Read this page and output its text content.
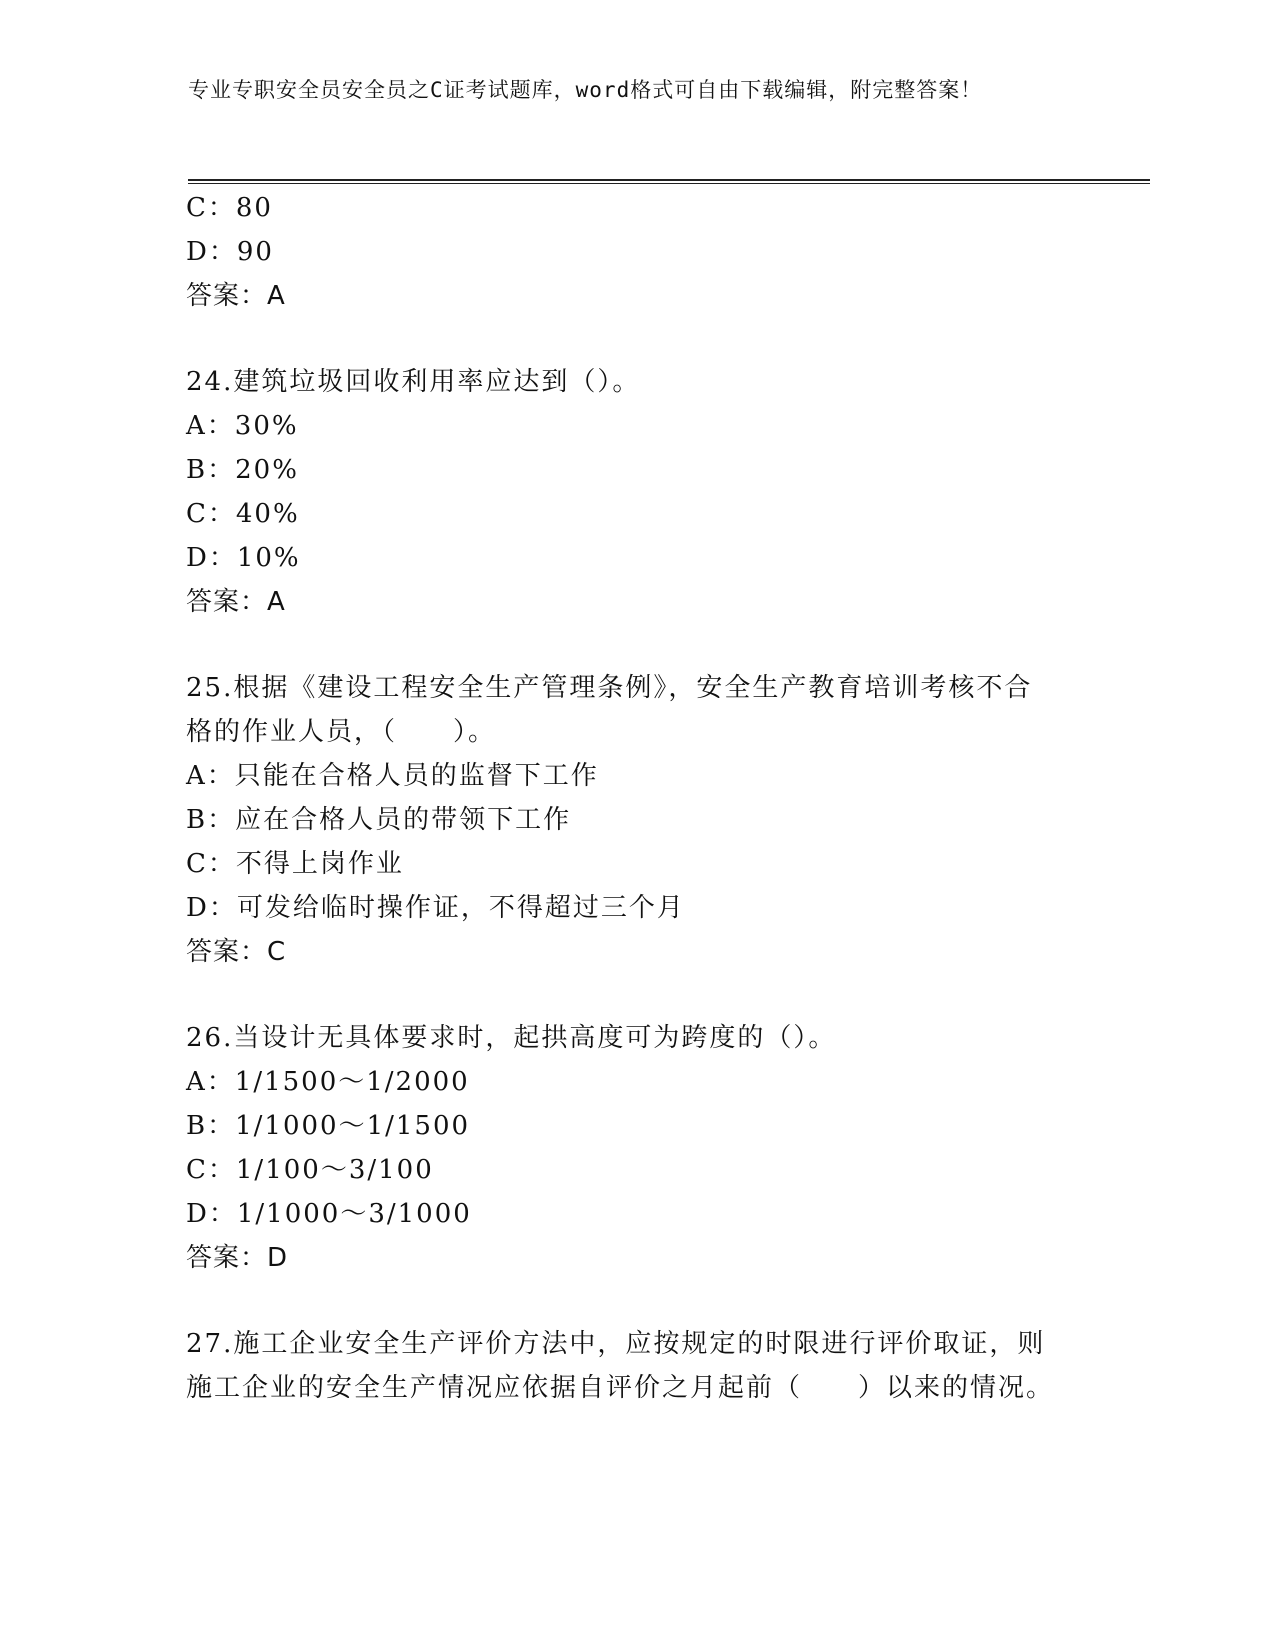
专业专职安全员安全员之C证考试题库，word格式可自由下载编辑，附完整答案！
C：80
D：90
答案：A
24.建筑垃圾回收利用率应达到（）。
A：30%
B：20%
C：40%
D：10%
答案：A
25.根据《建设工程安全生产管理条例》，安全生产教育培训考核不合
格的作业人员，（　　）。
A：只能在合格人员的监督下工作
B：应在合格人员的带领下工作
C：不得上岗作业
D：可发给临时操作证，不得超过三个月
答案：C
26.当设计无具体要求时，起拱高度可为跨度的（）。
A：1/1500～1/2000
B：1/1000～1/1500
C：1/100～3/100
D：1/1000～3/1000
答案：D
27.施工企业安全生产评价方法中，应按规定的时限进行评价取证，则
施工企业的安全生产情况应依据自评价之月起前（　　）以来的情况。
